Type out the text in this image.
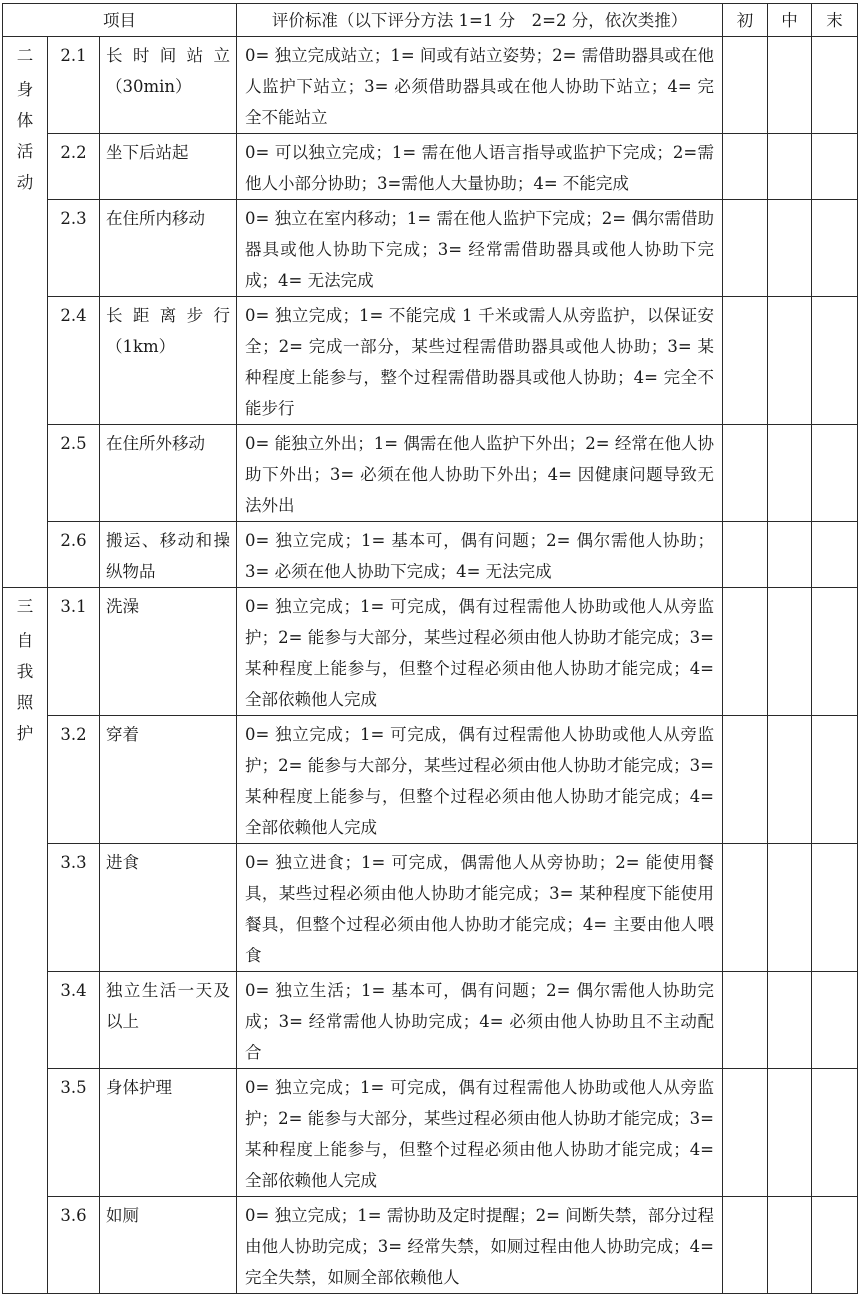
项目			评价标准（以下评分方法 1=1 分　2=2 分，依次类推）	初	中	末

二
身
体
活
动	2.1	长时间站立（30min）	0= 独立完成站立；1= 间或有站立姿势；2= 需借助器具或在他人监护下站立；3= 必须借助器具或在他人协助下站立；4= 完全不能站立			
	2.2	坐下后站起	0= 可以独立完成；1= 需在他人语言指导或监护下完成；2=需他人小部分协助；3=需他人大量协助；4= 不能完成			
	2.3	在住所内移动	0= 独立在室内移动；1= 需在他人监护下完成；2= 偶尔需借助器具或他人协助下完成；3= 经常需借助器具或他人协助下完成；4= 无法完成			
	2.4	长距离步行（1km）	0= 独立完成；1= 不能完成 1 千米或需人从旁监护，以保证安全；2= 完成一部分，某些过程需借助器具或他人协助；3= 某种程度上能参与，整个过程需借助器具或他人协助；4= 完全不能步行			
	2.5	在住所外移动	0= 能独立外出；1= 偶需在他人监护下外出；2= 经常在他人协助下外出；3= 必须在他人协助下外出；4= 因健康问题导致无法外出			
	2.6	搬运、移动和操纵物品	0= 独立完成；1= 基本可，偶有问题；2= 偶尔需他人协助；3= 必须在他人协助下完成；4= 无法完成			

三
自
我
照
护	3.1	洗澡	0= 独立完成；1= 可完成，偶有过程需他人协助或他人从旁监护；2= 能参与大部分，某些过程必须由他人协助才能完成；3= 某种程度上能参与，但整个过程必须由他人协助才能完成；4= 全部依赖他人完成			
	3.2	穿着	0= 独立完成；1= 可完成，偶有过程需他人协助或他人从旁监护；2= 能参与大部分，某些过程必须由他人协助才能完成；3= 某种程度上能参与，但整个过程必须由他人协助才能完成；4= 全部依赖他人完成			
	3.3	进食	0= 独立进食；1= 可完成，偶需他人从旁协助；2= 能使用餐具，某些过程必须由他人协助才能完成；3= 某种程度下能使用餐具，但整个过程必须由他人协助才能完成；4= 主要由他人喂食			
	3.4	独立生活一天及以上	0= 独立生活；1= 基本可，偶有问题；2= 偶尔需他人协助完成；3= 经常需他人协助完成；4= 必须由他人协助且不主动配合			
	3.5	身体护理	0= 独立完成；1= 可完成，偶有过程需他人协助或他人从旁监护；2= 能参与大部分，某些过程必须由他人协助才能完成；3= 某种程度上能参与，但整个过程必须由他人协助才能完成；4= 全部依赖他人完成			
	3.6	如厕	0= 独立完成；1= 需协助及定时提醒；2= 间断失禁，部分过程由他人协助完成；3= 经常失禁，如厕过程由他人协助完成；4= 完全失禁，如厕全部依赖他人			
